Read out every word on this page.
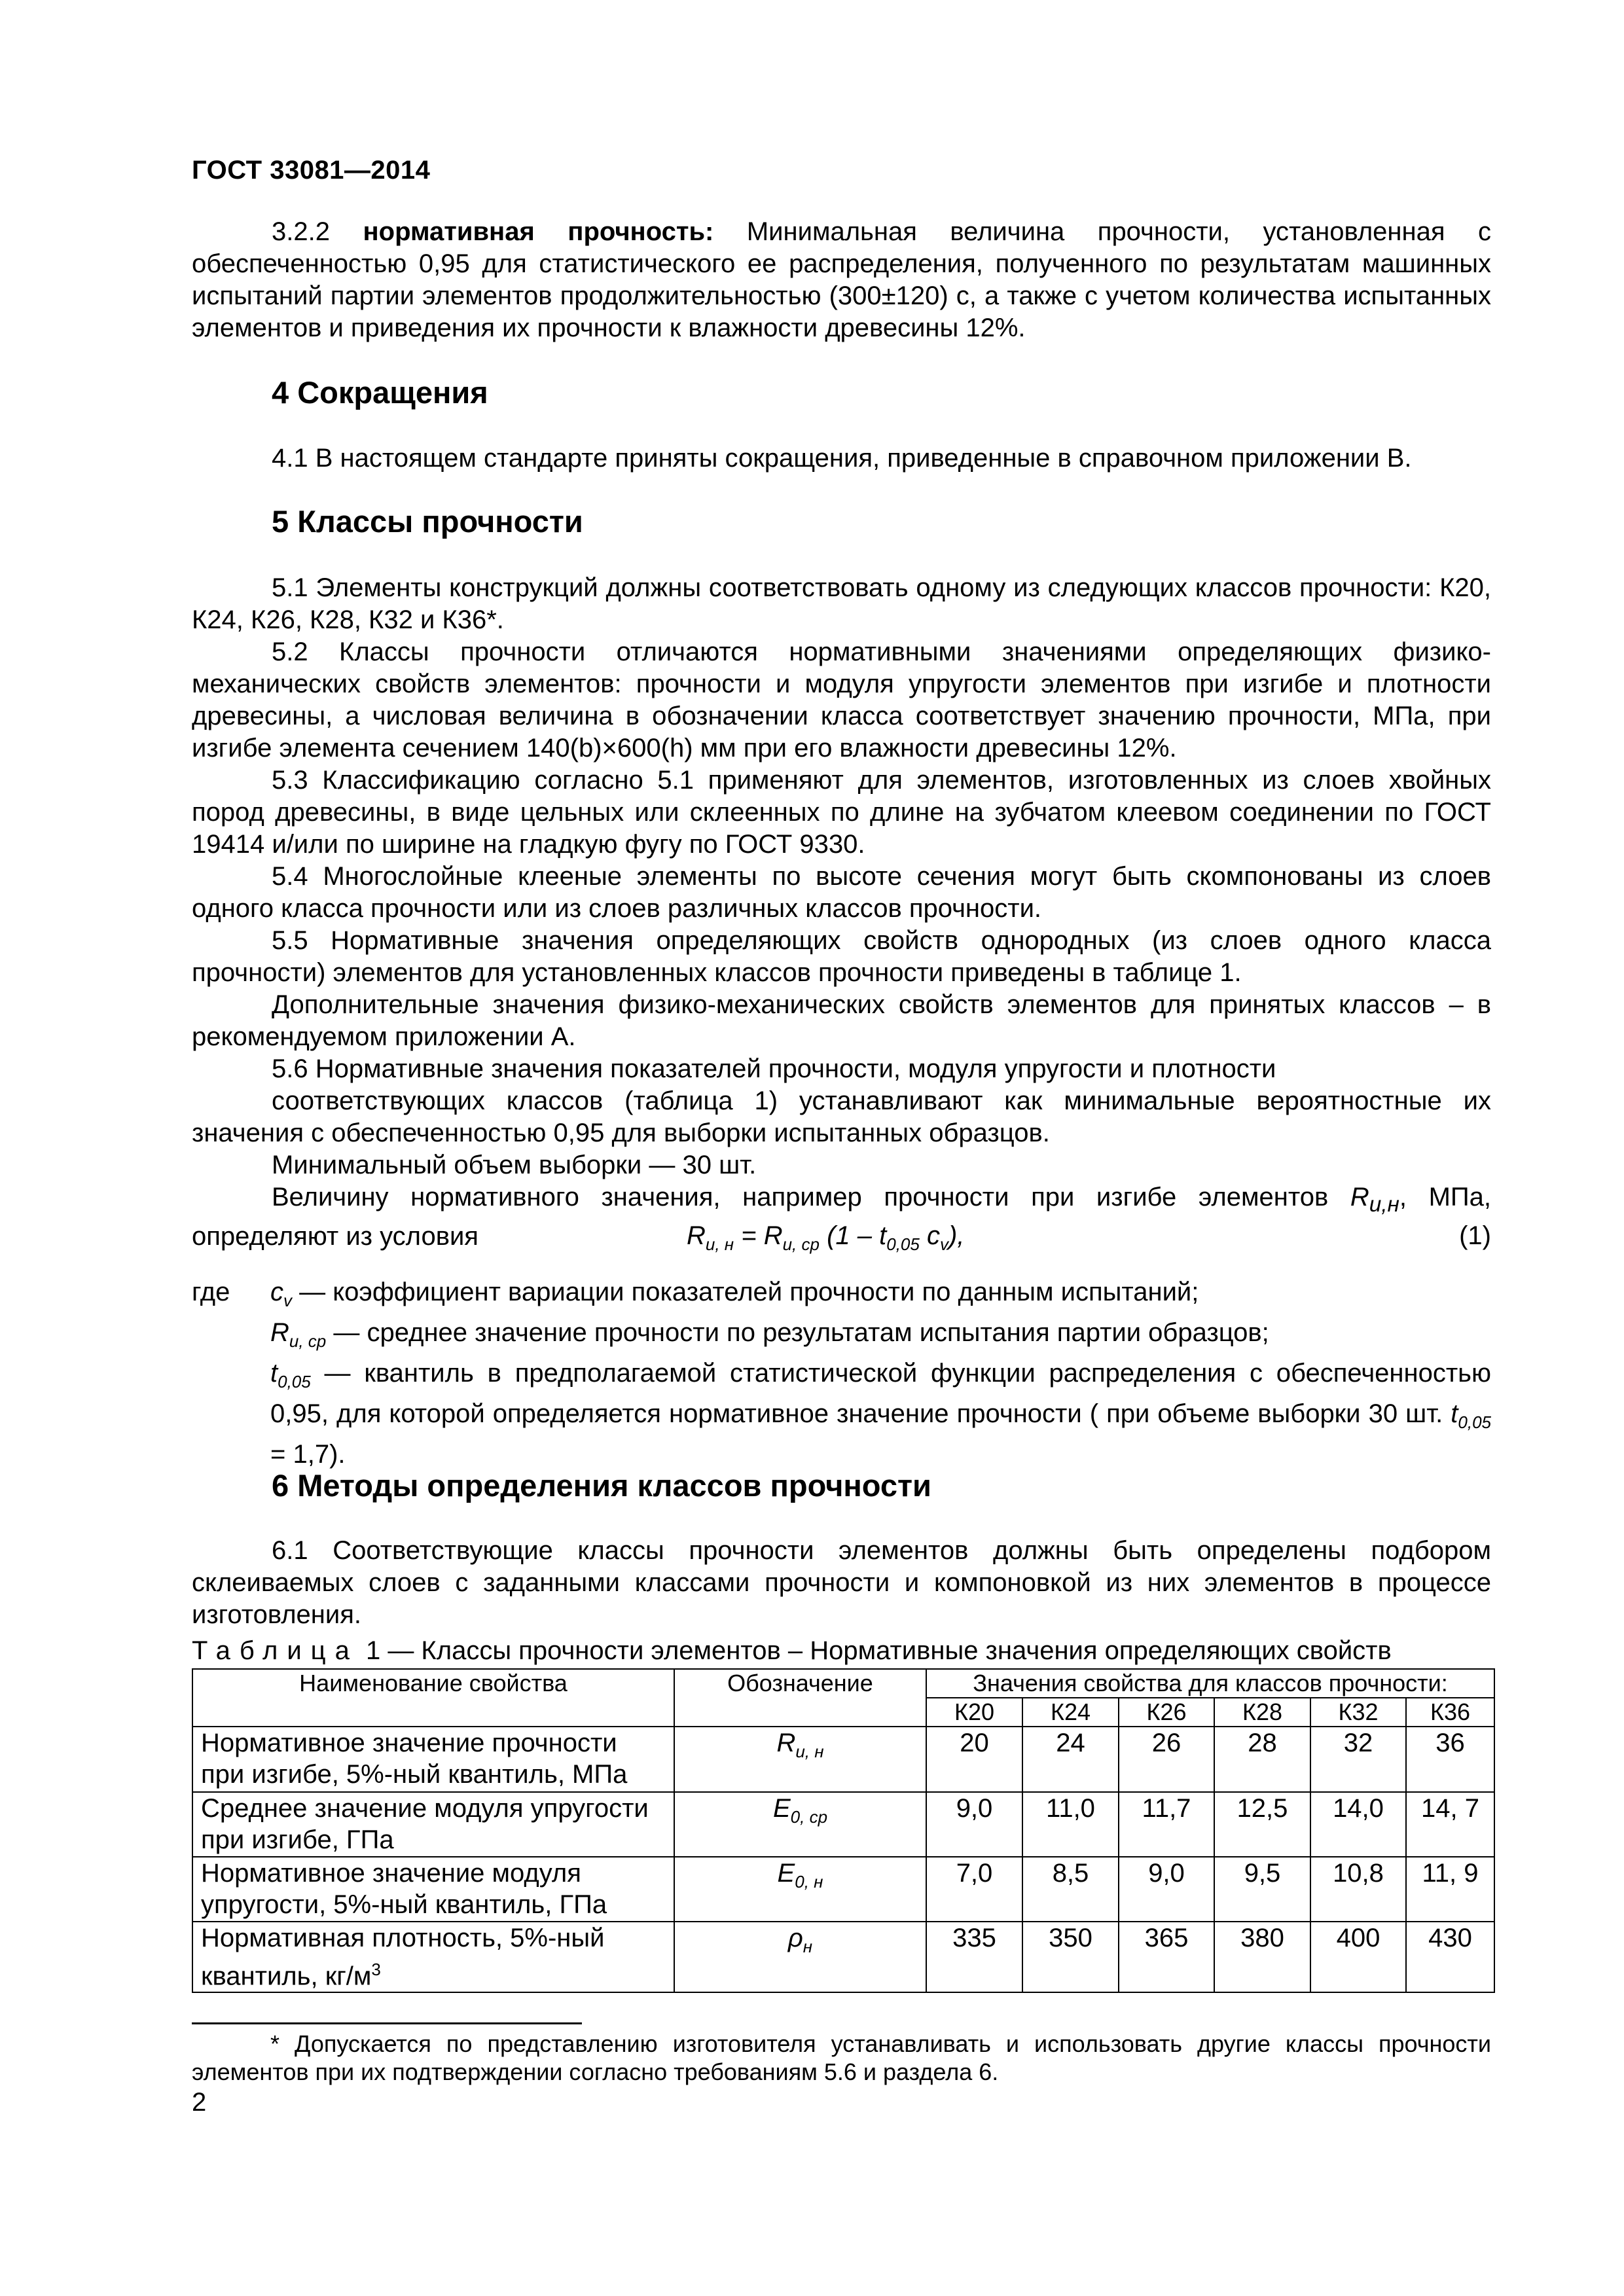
ГОСТ 33081—2014

3.2.2 нормативная прочность: Минимальная величина прочности, установленная с обеспеченностью 0,95 для статистического ее распределения, полученного по результатам машинных испытаний партии элементов продолжительностью (300±120) с, а также с учетом количества испытанных элементов и приведения их прочности к влажности древесины 12%.

4 Сокращения

4.1 В настоящем стандарте приняты сокращения, приведенные в справочном приложении В.

5 Классы прочности

5.1 Элементы конструкций должны соответствовать одному из следующих классов прочности: К20, К24, К26, К28, К32 и К36*.

5.2 Классы прочности отличаются нормативными значениями определяющих физико-механических свойств элементов: прочности и модуля упругости элементов при изгибе и плотности древесины, а числовая величина в обозначении класса соответствует значению прочности, МПа, при изгибе элемента сечением 140(b)×600(h) мм при его влажности древесины 12%.

5.3 Классификацию согласно 5.1 применяют для элементов, изготовленных из слоев хвойных пород древесины, в виде цельных или склеенных по длине на зубчатом клеевом соединении по ГОСТ 19414 и/или по ширине на гладкую фугу по ГОСТ 9330.

5.4 Многослойные клееные элементы по высоте сечения могут быть скомпонованы из слоев одного класса прочности или из слоев различных классов прочности.

5.5 Нормативные значения определяющих свойств однородных (из слоев одного класса прочности) элементов для установленных классов прочности приведены в таблице 1.

Дополнительные значения физико-механических свойств элементов для принятых классов – в рекомендуемом приложении А.

5.6 Нормативные значения показателей прочности, модуля упругости и плотности

соответствующих классов (таблица 1) устанавливают как минимальные вероятностные их значения с обеспеченностью 0,95 для выборки испытанных образцов.

Минимальный объем выборки — 30 шт.

Величину нормативного значения, например прочности при изгибе элементов $R_{и,н}$, МПа, определяют из условия	$R_{и, н} = R_{и, ср}$ ($1 - t_{0,05}$ $c_v$),	(1)
где $c_v$ — коэффициент вариации показателей прочности по данным испытаний;

$R_{и, ср}$ — среднее значение прочности по результатам испытания партии образцов;

$t_{0,05}$ — квантиль в предполагаемой статистической функции распределения с обеспеченностью 0,95, для которой определяется нормативное значение прочности ( при объеме выборки 30 шт. $t_{0,05} = 1,7$).

6 Методы определения классов прочности

6.1 Соответствующие классы прочности элементов должны быть определены подбором склеиваемых слоев с заданными классами прочности и компоновкой из них элементов в процессе изготовления.

Таблица 1 — Классы прочности элементов – Нормативные значения определяющих свойств
Наименование свойства	Обозначение	Значения свойства для классов прочности:					
		К20	К24	К26	К28	К32	К36
Нормативное значение прочности при изгибе, 5%-ный квантиль, МПа	$R_{и, н}$	20	24	26	28	32	36
Среднее значение модуля упругости при изгибе, ГПа	$E_{0, ср}$	9,0	11,0	11,7	12,5	14,0	14, 7
Нормативное значение модуля упругости, 5%-ный квантиль, ГПа	$E_{0, н}$	7,0	8,5	9,0	9,5	10,8	11, 9
Нормативная плотность, 5%-ный квантиль, $кг/м^3$	$\rho_н$	335	350	365	380	400	430

* Допускается по представлению изготовителя устанавливать и использовать другие классы прочности элементов при их подтверждении согласно требованиям 5.6 и раздела 6.

2
